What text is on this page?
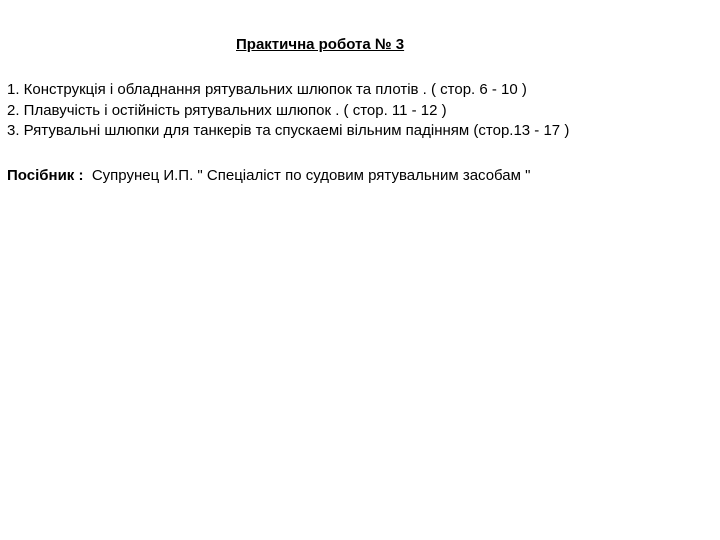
Практична робота № 3
1. Конструкція і обладнання рятувальних шлюпок та плотів . ( стор. 6 - 10 )
2. Плавучість і остійність рятувальних шлюпок . ( стор. 11 - 12 )
3. Рятувальні шлюпки для танкерів та спускаемі вільним падінням (стор.13 - 17 )
Посібник :  Супрунец И.П. " Спеціаліст по судовим рятувальним засобам "
